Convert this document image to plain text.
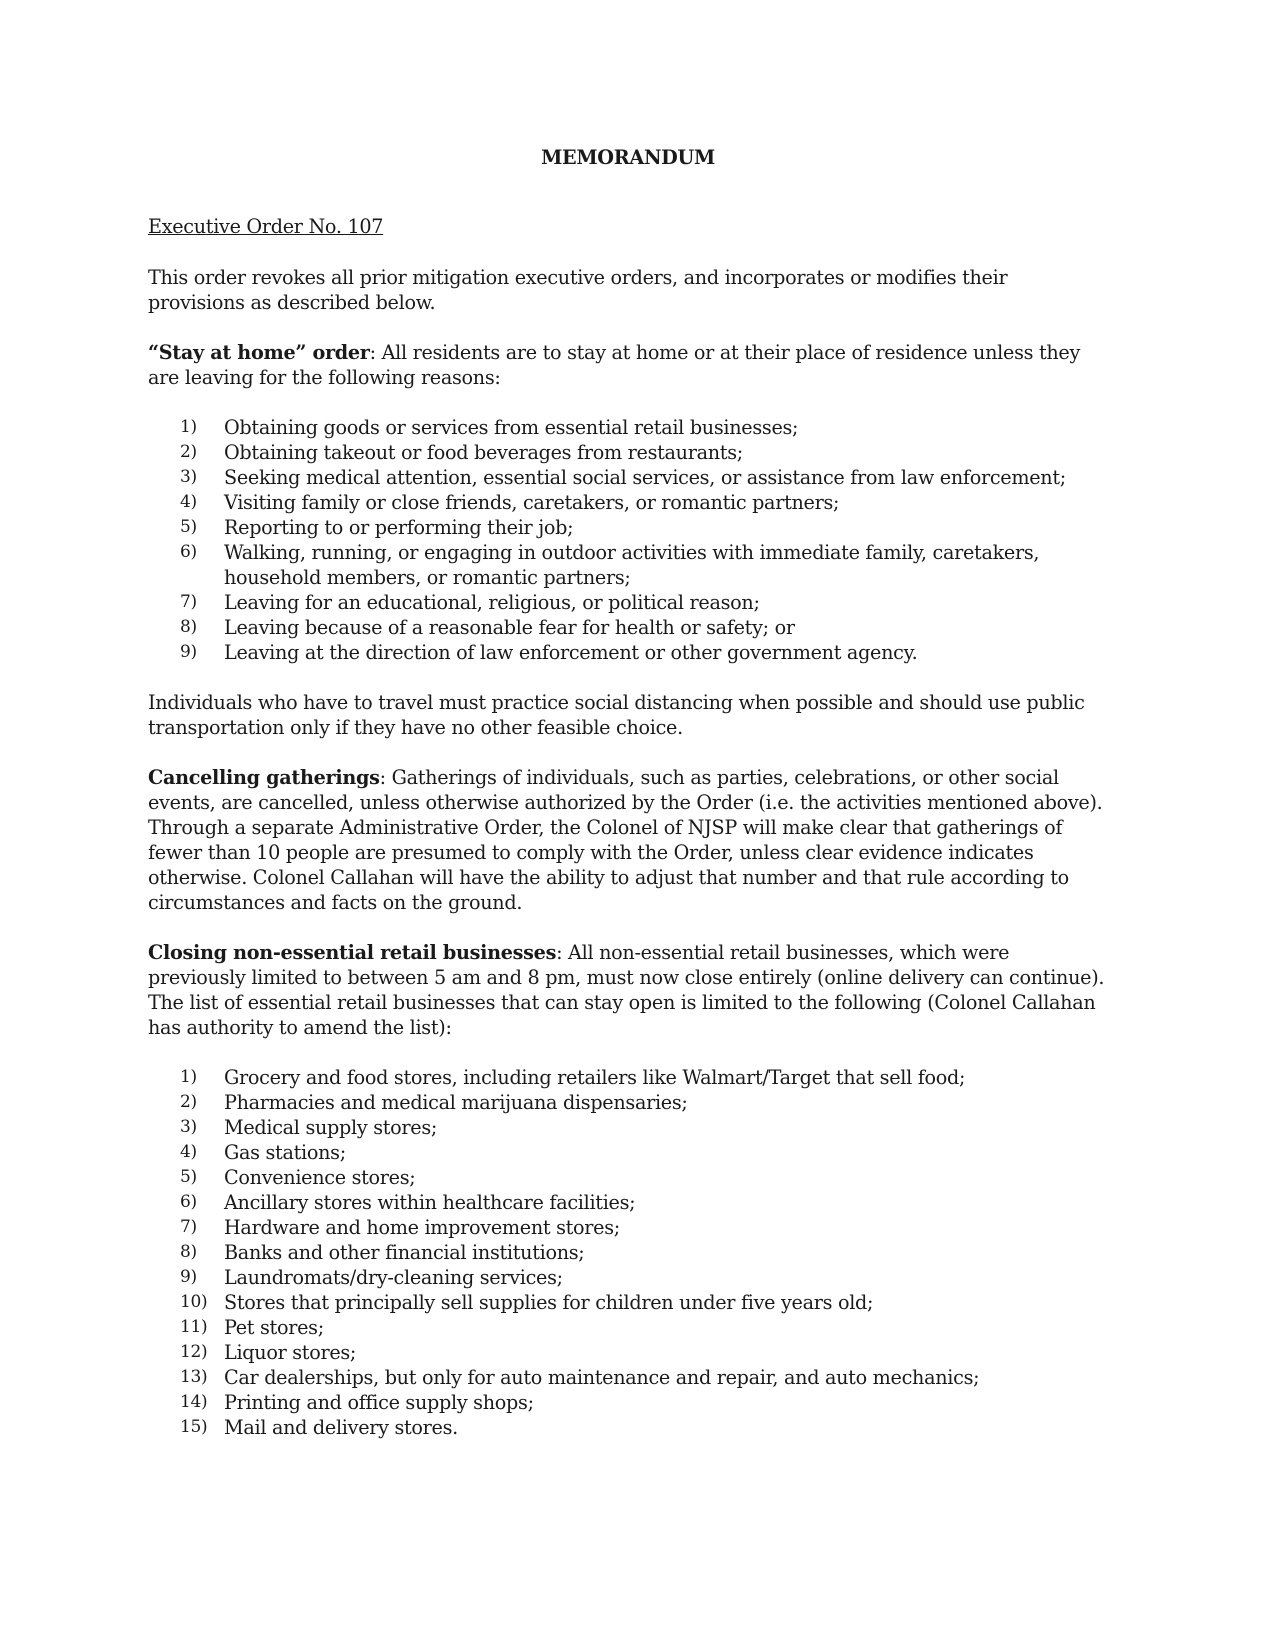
MEMORANDUM
Executive Order No. 107

This order revokes all prior mitigation executive orders, and incorporates or modifies their provisions as described below.

“Stay at home” order: All residents are to stay at home or at their place of residence unless they are leaving for the following reasons:

1)	Obtaining goods or services from essential retail businesses;
2)	Obtaining takeout or food beverages from restaurants;
3)	Seeking medical attention, essential social services, or assistance from law enforcement;
4)	Visiting family or close friends, caretakers, or romantic partners;
5)	Reporting to or performing their job;
6)	Walking, running, or engaging in outdoor activities with immediate family, caretakers, household members, or romantic partners;
7)	Leaving for an educational, religious, or political reason;
8)	Leaving because of a reasonable fear for health or safety; or
9)	Leaving at the direction of law enforcement or other government agency.

Individuals who have to travel must practice social distancing when possible and should use public transportation only if they have no other feasible choice.

Cancelling gatherings: Gatherings of individuals, such as parties, celebrations, or other social events, are cancelled, unless otherwise authorized by the Order (i.e. the activities mentioned above). Through a separate Administrative Order, the Colonel of NJSP will make clear that gatherings of fewer than 10 people are presumed to comply with the Order, unless clear evidence indicates otherwise. Colonel Callahan will have the ability to adjust that number and that rule according to circumstances and facts on the ground.

Closing non-essential retail businesses: All non-essential retail businesses, which were previously limited to between 5 am and 8 pm, must now close entirely (online delivery can continue). The list of essential retail businesses that can stay open is limited to the following (Colonel Callahan has authority to amend the list):

1)	Grocery and food stores, including retailers like Walmart/Target that sell food;
2)	Pharmacies and medical marijuana dispensaries;
3)	Medical supply stores;
4)	Gas stations;
5)	Convenience stores;
6)	Ancillary stores within healthcare facilities;
7)	Hardware and home improvement stores;
8)	Banks and other financial institutions;
9)	Laundromats/dry-cleaning services;
10) Stores that principally sell supplies for children under five years old;
11) Pet stores;
12) Liquor stores;
13) Car dealerships, but only for auto maintenance and repair, and auto mechanics;
14) Printing and office supply shops;
15) Mail and delivery stores.
